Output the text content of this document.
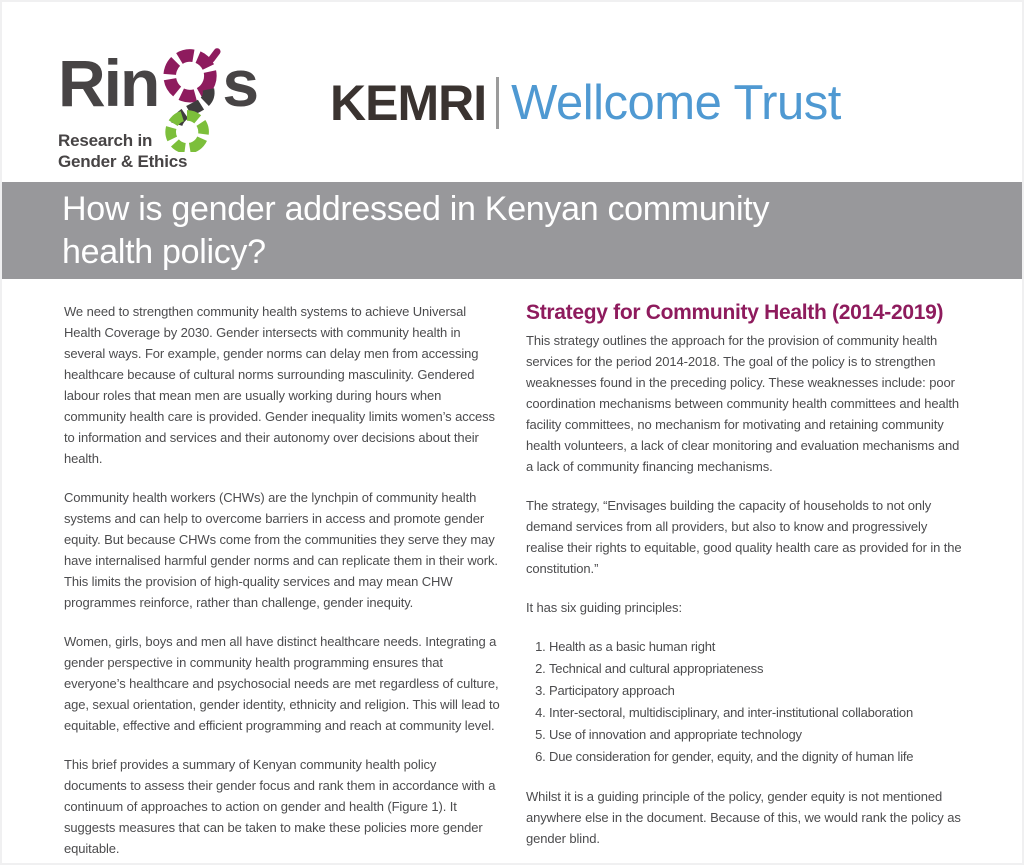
Rin s
Research in
Gender & Ethics
KEMRI Wellcome Trust
How is gender addressed in Kenyan community
health policy?

We need to strengthen community health systems to achieve Universal Health Coverage by 2030. Gender intersects with community health in several ways. For example, gender norms can delay men from accessing healthcare because of cultural norms surrounding masculinity. Gendered labour roles that mean men are usually working during hours when community health care is provided. Gender inequality limits women’s access to information and services and their autonomy over decisions about their health.

Community health workers (CHWs) are the lynchpin of community health systems and can help to overcome barriers in access and promote gender equity. But because CHWs come from the communities they serve they may have internalised harmful gender norms and can replicate them in their work. This limits the provision of high-quality services and may mean CHW programmes reinforce, rather than challenge, gender inequity.

Women, girls, boys and men all have distinct healthcare needs. Integrating a gender perspective in community health programming ensures that everyone’s healthcare and psychosocial needs are met regardless of culture, age, sexual orientation, gender identity, ethnicity and religion. This will lead to equitable, effective and efficient programming and reach at community level.

This brief provides a summary of Kenyan community health policy documents to assess their gender focus and rank them in accordance with a continuum of approaches to action on gender and health (Figure 1). It suggests measures that can be taken to make these policies more gender equitable.

Strategy for Community Health (2014-2019)

This strategy outlines the approach for the provision of community health services for the period 2014-2018. The goal of the policy is to strengthen weaknesses found in the preceding policy. These weaknesses include: poor coordination mechanisms between community health committees and health facility committees, no mechanism for motivating and retaining community health volunteers, a lack of clear monitoring and evaluation mechanisms and a lack of community financing mechanisms.

The strategy, “Envisages building the capacity of households to not only demand services from all providers, but also to know and progressively realise their rights to equitable, good quality health care as provided for in the constitution.”

It has six guiding principles:

1. Health as a basic human right
2. Technical and cultural appropriateness
3. Participatory approach
4. Inter-sectoral, multidisciplinary, and inter-institutional collaboration
5. Use of innovation and appropriate technology
6. Due consideration for gender, equity, and the dignity of human life

Whilst it is a guiding principle of the policy, gender equity is not mentioned anywhere else in the document. Because of this, we would rank the policy as gender blind.
